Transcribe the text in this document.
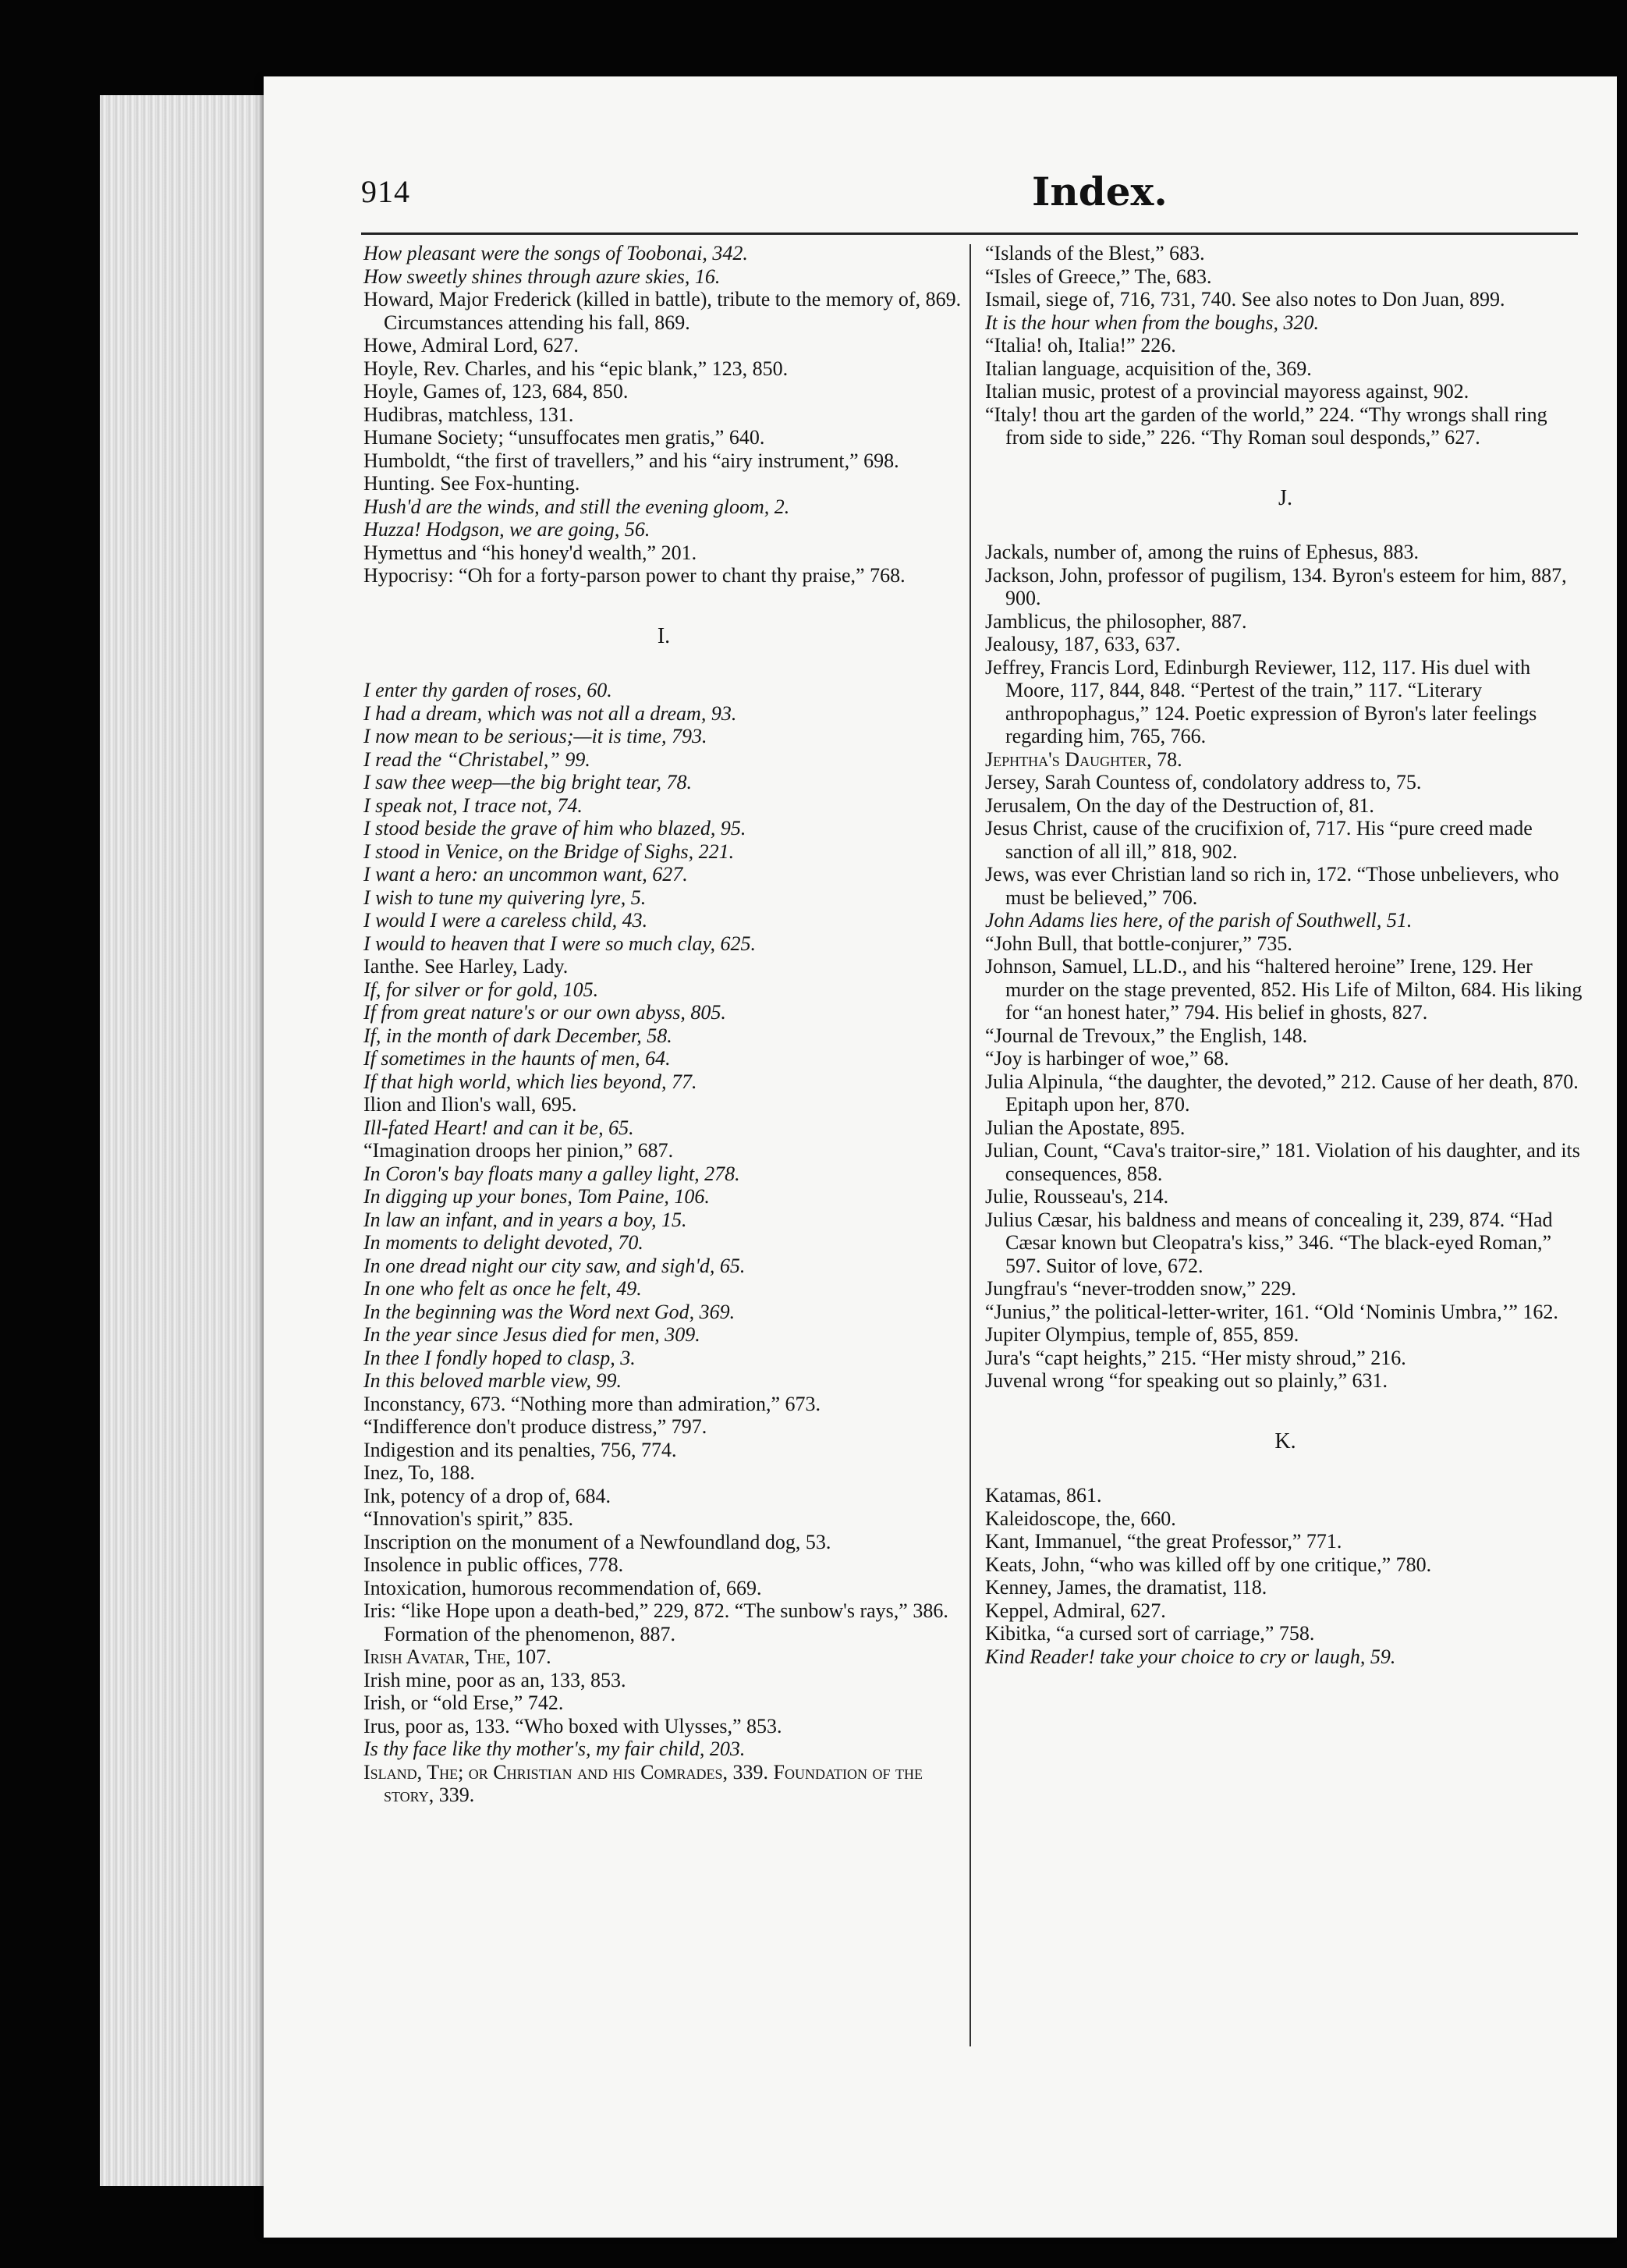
914	Index.

How pleasant were the songs of Toobonai, 342.

How sweetly shines through azure skies, 16.

Howard, Major Frederick (killed in battle), tribute to the memory of, 869. Circumstances attending his fall, 869.

Howe, Admiral Lord, 627.

Hoyle, Rev. Charles, and his “epic blank,” 123, 850.

Hoyle, Games of, 123, 684, 850.

Hudibras, matchless, 131.

Humane Society; “unsuffocates men gratis,” 640.

Humboldt, “the first of travellers,” and his “airy instrument,” 698.

Hunting. See Fox-hunting.

Hush'd are the winds, and still the evening gloom, 2.

Huzza! Hodgson, we are going, 56.

Hymettus and “his honey'd wealth,” 201.

Hypocrisy: “Oh for a forty-parson power to chant thy praise,” 768.

I.

I enter thy garden of roses, 60.

I had a dream, which was not all a dream, 93.

I now mean to be serious;—it is time, 793.

I read the “Christabel,” 99.

I saw thee weep—the big bright tear, 78.

I speak not, I trace not, 74.

I stood beside the grave of him who blazed, 95.

I stood in Venice, on the Bridge of Sighs, 221.

I want a hero: an uncommon want, 627.

I wish to tune my quivering lyre, 5.

I would I were a careless child, 43.

I would to heaven that I were so much clay, 625.

Ianthe. See Harley, Lady.

If, for silver or for gold, 105.

If from great nature's or our own abyss, 805.

If, in the month of dark December, 58.

If sometimes in the haunts of men, 64.

If that high world, which lies beyond, 77.

Ilion and Ilion's wall, 695.

Ill-fated Heart! and can it be, 65.

“Imagination droops her pinion,” 687.

In Coron's bay floats many a galley light, 278.

In digging up your bones, Tom Paine, 106.

In law an infant, and in years a boy, 15.

In moments to delight devoted, 70.

In one dread night our city saw, and sigh'd, 65.

In one who felt as once he felt, 49.

In the beginning was the Word next God, 369.

In the year since Jesus died for men, 309.

In thee I fondly hoped to clasp, 3.

In this beloved marble view, 99.

Inconstancy, 673. “Nothing more than admiration,” 673.

“Indifference don't produce distress,” 797.

Indigestion and its penalties, 756, 774.

Inez, To, 188.

Ink, potency of a drop of, 684.

“Innovation's spirit,” 835.

Inscription on the monument of a Newfoundland dog, 53.

Insolence in public offices, 778.

Intoxication, humorous recommendation of, 669.

Iris: “like Hope upon a death-bed,” 229, 872. “The sunbow's rays,” 386. Formation of the phenomenon, 887.

Irish Avatar, The, 107.

Irish mine, poor as an, 133, 853.

Irish, or “old Erse,” 742.

Irus, poor as, 133. “Who boxed with Ulysses,” 853.

Is thy face like thy mother's, my fair child, 203.

Island, The; or Christian and his Comrades, 339. Foundation of the story, 339.

“Islands of the Blest,” 683.

“Isles of Greece,” The, 683.

Ismail, siege of, 716, 731, 740. See also notes to Don Juan, 899.

It is the hour when from the boughs, 320.

“Italia! oh, Italia!” 226.

Italian language, acquisition of the, 369.

Italian music, protest of a provincial mayoress against, 902.

“Italy! thou art the garden of the world,” 224. “Thy wrongs shall ring from side to side,” 226. “Thy Roman soul desponds,” 627.

J.

Jackals, number of, among the ruins of Ephesus, 883.

Jackson, John, professor of pugilism, 134. Byron's esteem for him, 887, 900.

Jamblicus, the philosopher, 887.

Jealousy, 187, 633, 637.

Jeffrey, Francis Lord, Edinburgh Reviewer, 112, 117. His duel with Moore, 117, 844, 848. “Pertest of the train,” 117. “Literary anthropophagus,” 124. Poetic expression of Byron's later feelings regarding him, 765, 766.

Jephtha's Daughter, 78.

Jersey, Sarah Countess of, condolatory address to, 75.

Jerusalem, On the day of the Destruction of, 81.

Jesus Christ, cause of the crucifixion of, 717. His “pure creed made sanction of all ill,” 818, 902.

Jews, was ever Christian land so rich in, 172. “Those unbelievers, who must be believed,” 706.

John Adams lies here, of the parish of Southwell, 51.

“John Bull, that bottle-conjurer,” 735.

Johnson, Samuel, LL.D., and his “haltered heroine” Irene, 129. Her murder on the stage prevented, 852. His Life of Milton, 684. His liking for “an honest hater,” 794. His belief in ghosts, 827.

“Journal de Trevoux,” the English, 148.

“Joy is harbinger of woe,” 68.

Julia Alpinula, “the daughter, the devoted,” 212. Cause of her death, 870. Epitaph upon her, 870.

Julian the Apostate, 895.

Julian, Count, “Cava's traitor-sire,” 181. Violation of his daughter, and its consequences, 858.

Julie, Rousseau's, 214.

Julius Cæsar, his baldness and means of concealing it, 239, 874. “Had Cæsar known but Cleopatra's kiss,” 346. “The black-eyed Roman,” 597. Suitor of love, 672.

Jungfrau's “never-trodden snow,” 229.

“Junius,” the political-letter-writer, 161. “Old ‘Nominis Umbra,’” 162.

Jupiter Olympius, temple of, 855, 859.

Jura's “capt heights,” 215. “Her misty shroud,” 216.

Juvenal wrong “for speaking out so plainly,” 631.

K.

Katamas, 861.

Kaleidoscope, the, 660.

Kant, Immanuel, “the great Professor,” 771.

Keats, John, “who was killed off by one critique,” 780.

Kenney, James, the dramatist, 118.

Keppel, Admiral, 627.

Kibitka, “a cursed sort of carriage,” 758.

Kind Reader! take your choice to cry or laugh, 59.
